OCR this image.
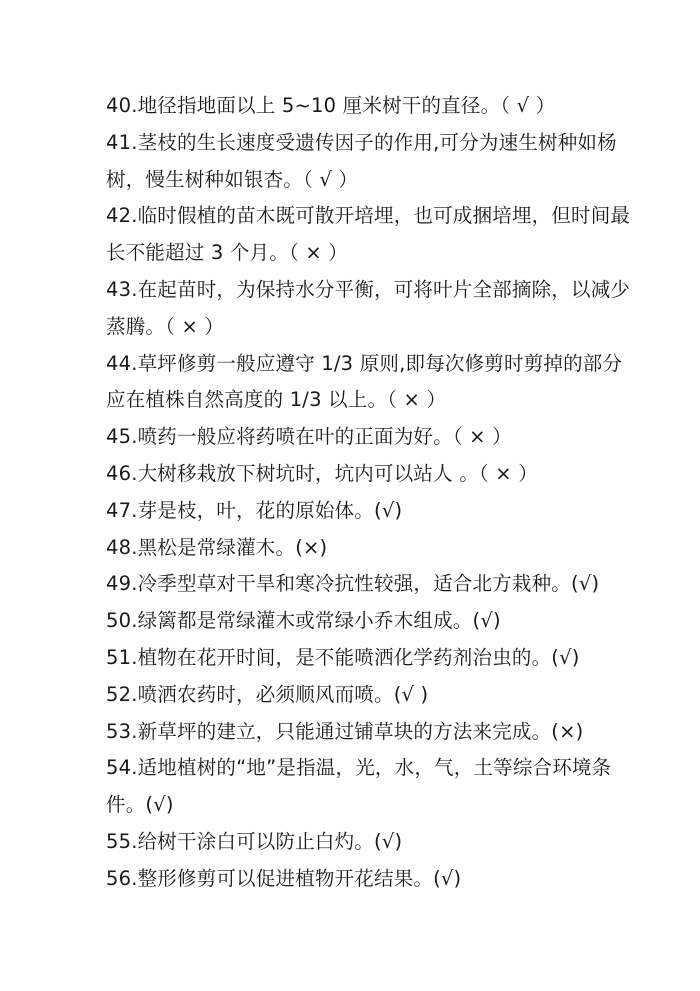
40.地径指地面以上 5~10 厘米树干的直径。（ √ ）

41.茎枝的生长速度受遗传因子的作用,可分为速生树种如杨

树，慢生树种如银杏。（ √ ）

42.临时假植的苗木既可散开培埋，也可成捆培埋，但时间最

长不能超过 3 个月。（ × ）

43.在起苗时，为保持水分平衡，可将叶片全部摘除，以减少

蒸腾。（ × ）

44.草坪修剪一般应遵守 1/3 原则,即每次修剪时剪掉的部分

应在植株自然高度的 1/3 以上。（ × ）

45.喷药一般应将药喷在叶的正面为好。（ × ）

46.大树移栽放下树坑时，坑内可以站人 。（ × ）

47.芽是枝，叶，花的原始体。(√)

48.黑松是常绿灌木。(×)

49.冷季型草对干旱和寒冷抗性较强，适合北方栽种。(√)

50.绿篱都是常绿灌木或常绿小乔木组成。(√)

51.植物在花开时间，是不能喷洒化学药剂治虫的。(√)

52.喷洒农药时，必须顺风而喷。(√ )

53.新草坪的建立，只能通过铺草块的方法来完成。(×)

54.适地植树的“地”是指温，光，水，气，土等综合环境条

件。(√)

55.给树干涂白可以防止白灼。(√)

56.整形修剪可以促进植物开花结果。(√)
